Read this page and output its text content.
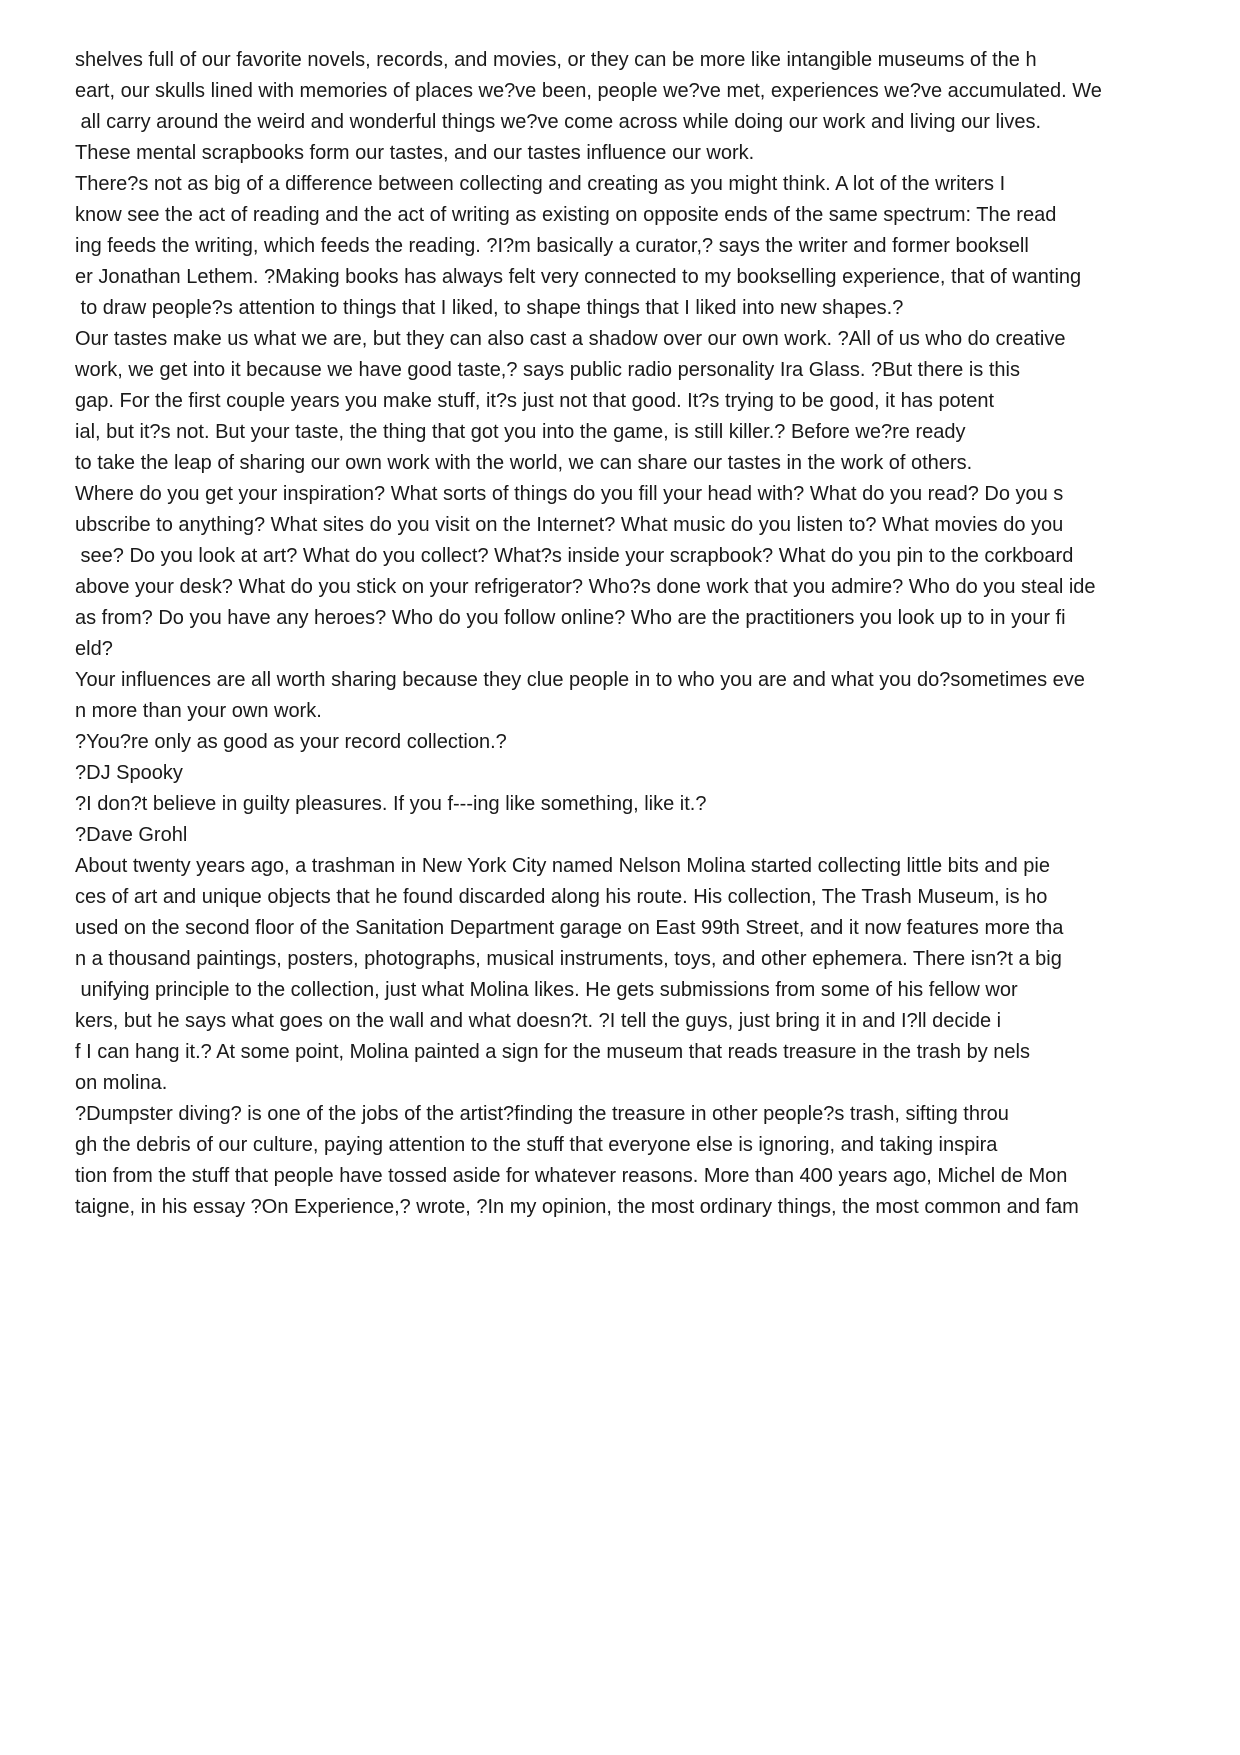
shelves full of our favorite novels, records, and movies, or they can be more like intangible museums of the h
eart, our skulls lined with memories of places we?ve been, people we?ve met, experiences we?ve accumulated. We
all carry around the weird and wonderful things we?ve come across while doing our work and living our lives.
These mental scrapbooks form our tastes, and our tastes influence our work.
There?s not as big of a difference between collecting and creating as you might think. A lot of the writers I
know see the act of reading and the act of writing as existing on opposite ends of the same spectrum: The read
ing feeds the writing, which feeds the reading. ?I?m basically a curator,? says the writer and former booksell
er Jonathan Lethem. ?Making books has always felt very connected to my bookselling experience, that of wanting
to draw people?s attention to things that I liked, to shape things that I liked into new shapes.?
Our tastes make us what we are, but they can also cast a shadow over our own work. ?All of us who do creative
work, we get into it because we have good taste,? says public radio personality Ira Glass. ?But there is this
gap. For the first couple years you make stuff, it?s just not that good. It?s trying to be good, it has potent
ial, but it?s not. But your taste, the thing that got you into the game, is still killer.? Before we?re ready
to take the leap of sharing our own work with the world, we can share our tastes in the work of others.
Where do you get your inspiration? What sorts of things do you fill your head with? What do you read? Do you s
ubscribe to anything? What sites do you visit on the Internet? What music do you listen to? What movies do you
see? Do you look at art? What do you collect? What?s inside your scrapbook? What do you pin to the corkboard
above your desk? What do you stick on your refrigerator? Who?s done work that you admire? Who do you steal ide
as from? Do you have any heroes? Who do you follow online? Who are the practitioners you look up to in your fi
eld?
Your influences are all worth sharing because they clue people in to who you are and what you do?sometimes eve
n more than your own work.
?You?re only as good as your record collection.?
?DJ Spooky
?I don?t believe in guilty pleasures. If you f---ing like something, like it.?
?Dave Grohl
About twenty years ago, a trashman in New York City named Nelson Molina started collecting little bits and pie
ces of art and unique objects that he found discarded along his route. His collection, The Trash Museum, is ho
used on the second floor of the Sanitation Department garage on East 99th Street, and it now features more tha
n a thousand paintings, posters, photographs, musical instruments, toys, and other ephemera. There isn?t a big
unifying principle to the collection, just what Molina likes. He gets submissions from some of his fellow wor
kers, but he says what goes on the wall and what doesn?t. ?I tell the guys, just bring it in and I?ll decide i
f I can hang it.? At some point, Molina painted a sign for the museum that reads treasure in the trash by nels
on molina.
?Dumpster diving? is one of the jobs of the artist?finding the treasure in other people?s trash, sifting throu
gh the debris of our culture, paying attention to the stuff that everyone else is ignoring, and taking inspira
tion from the stuff that people have tossed aside for whatever reasons. More than 400 years ago, Michel de Mon
taigne, in his essay ?On Experience,? wrote, ?In my opinion, the most ordinary things, the most common and fam
